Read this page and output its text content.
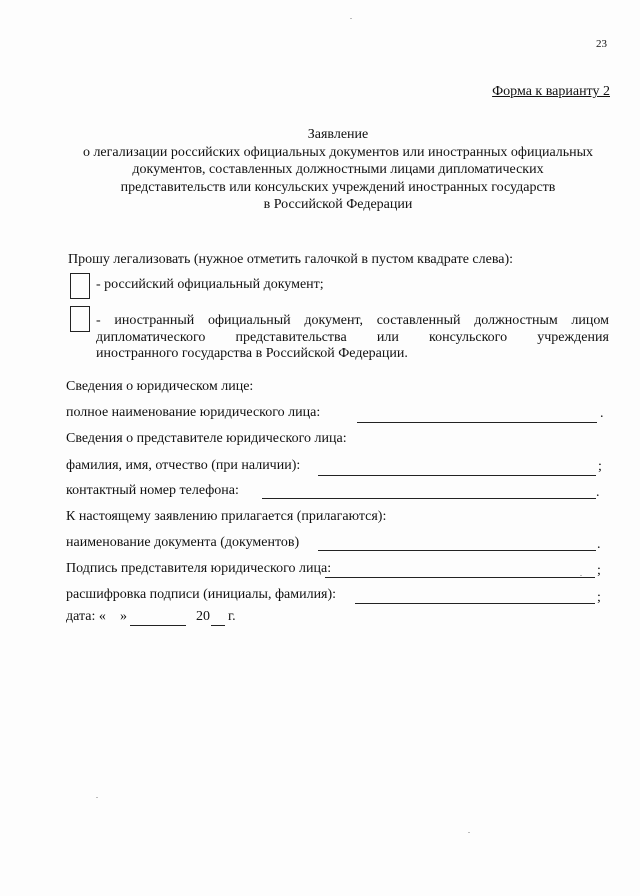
23
Форма к варианту 2
Заявление
о легализации российских официальных документов или иностранных официальных
документов, составленных должностными лицами дипломатических
представительств или консульских учреждений иностранных государств
в Российской Федерации
Прошу легализовать (нужное отметить галочкой в пустом квадрате слева):
- российский официальный документ;
- иностранный официальный документ, составленный должностным лицом
дипломатического представительства или консульского учреждения
иностранного государства в Российской Федерации.
Сведения о юридическом лице:
полное наименование юридического лица:	.
Сведения о представителе юридического лица:
фамилия, имя, отчество (при наличии):	;
контактный номер телефона:	.
К настоящему заявлению прилагается (прилагаются):
наименование документа (документов)	.
Подпись представителя юридического лица:	;
расшифровка подписи (инициалы, фамилия):	;
дата: « »	20 г.
